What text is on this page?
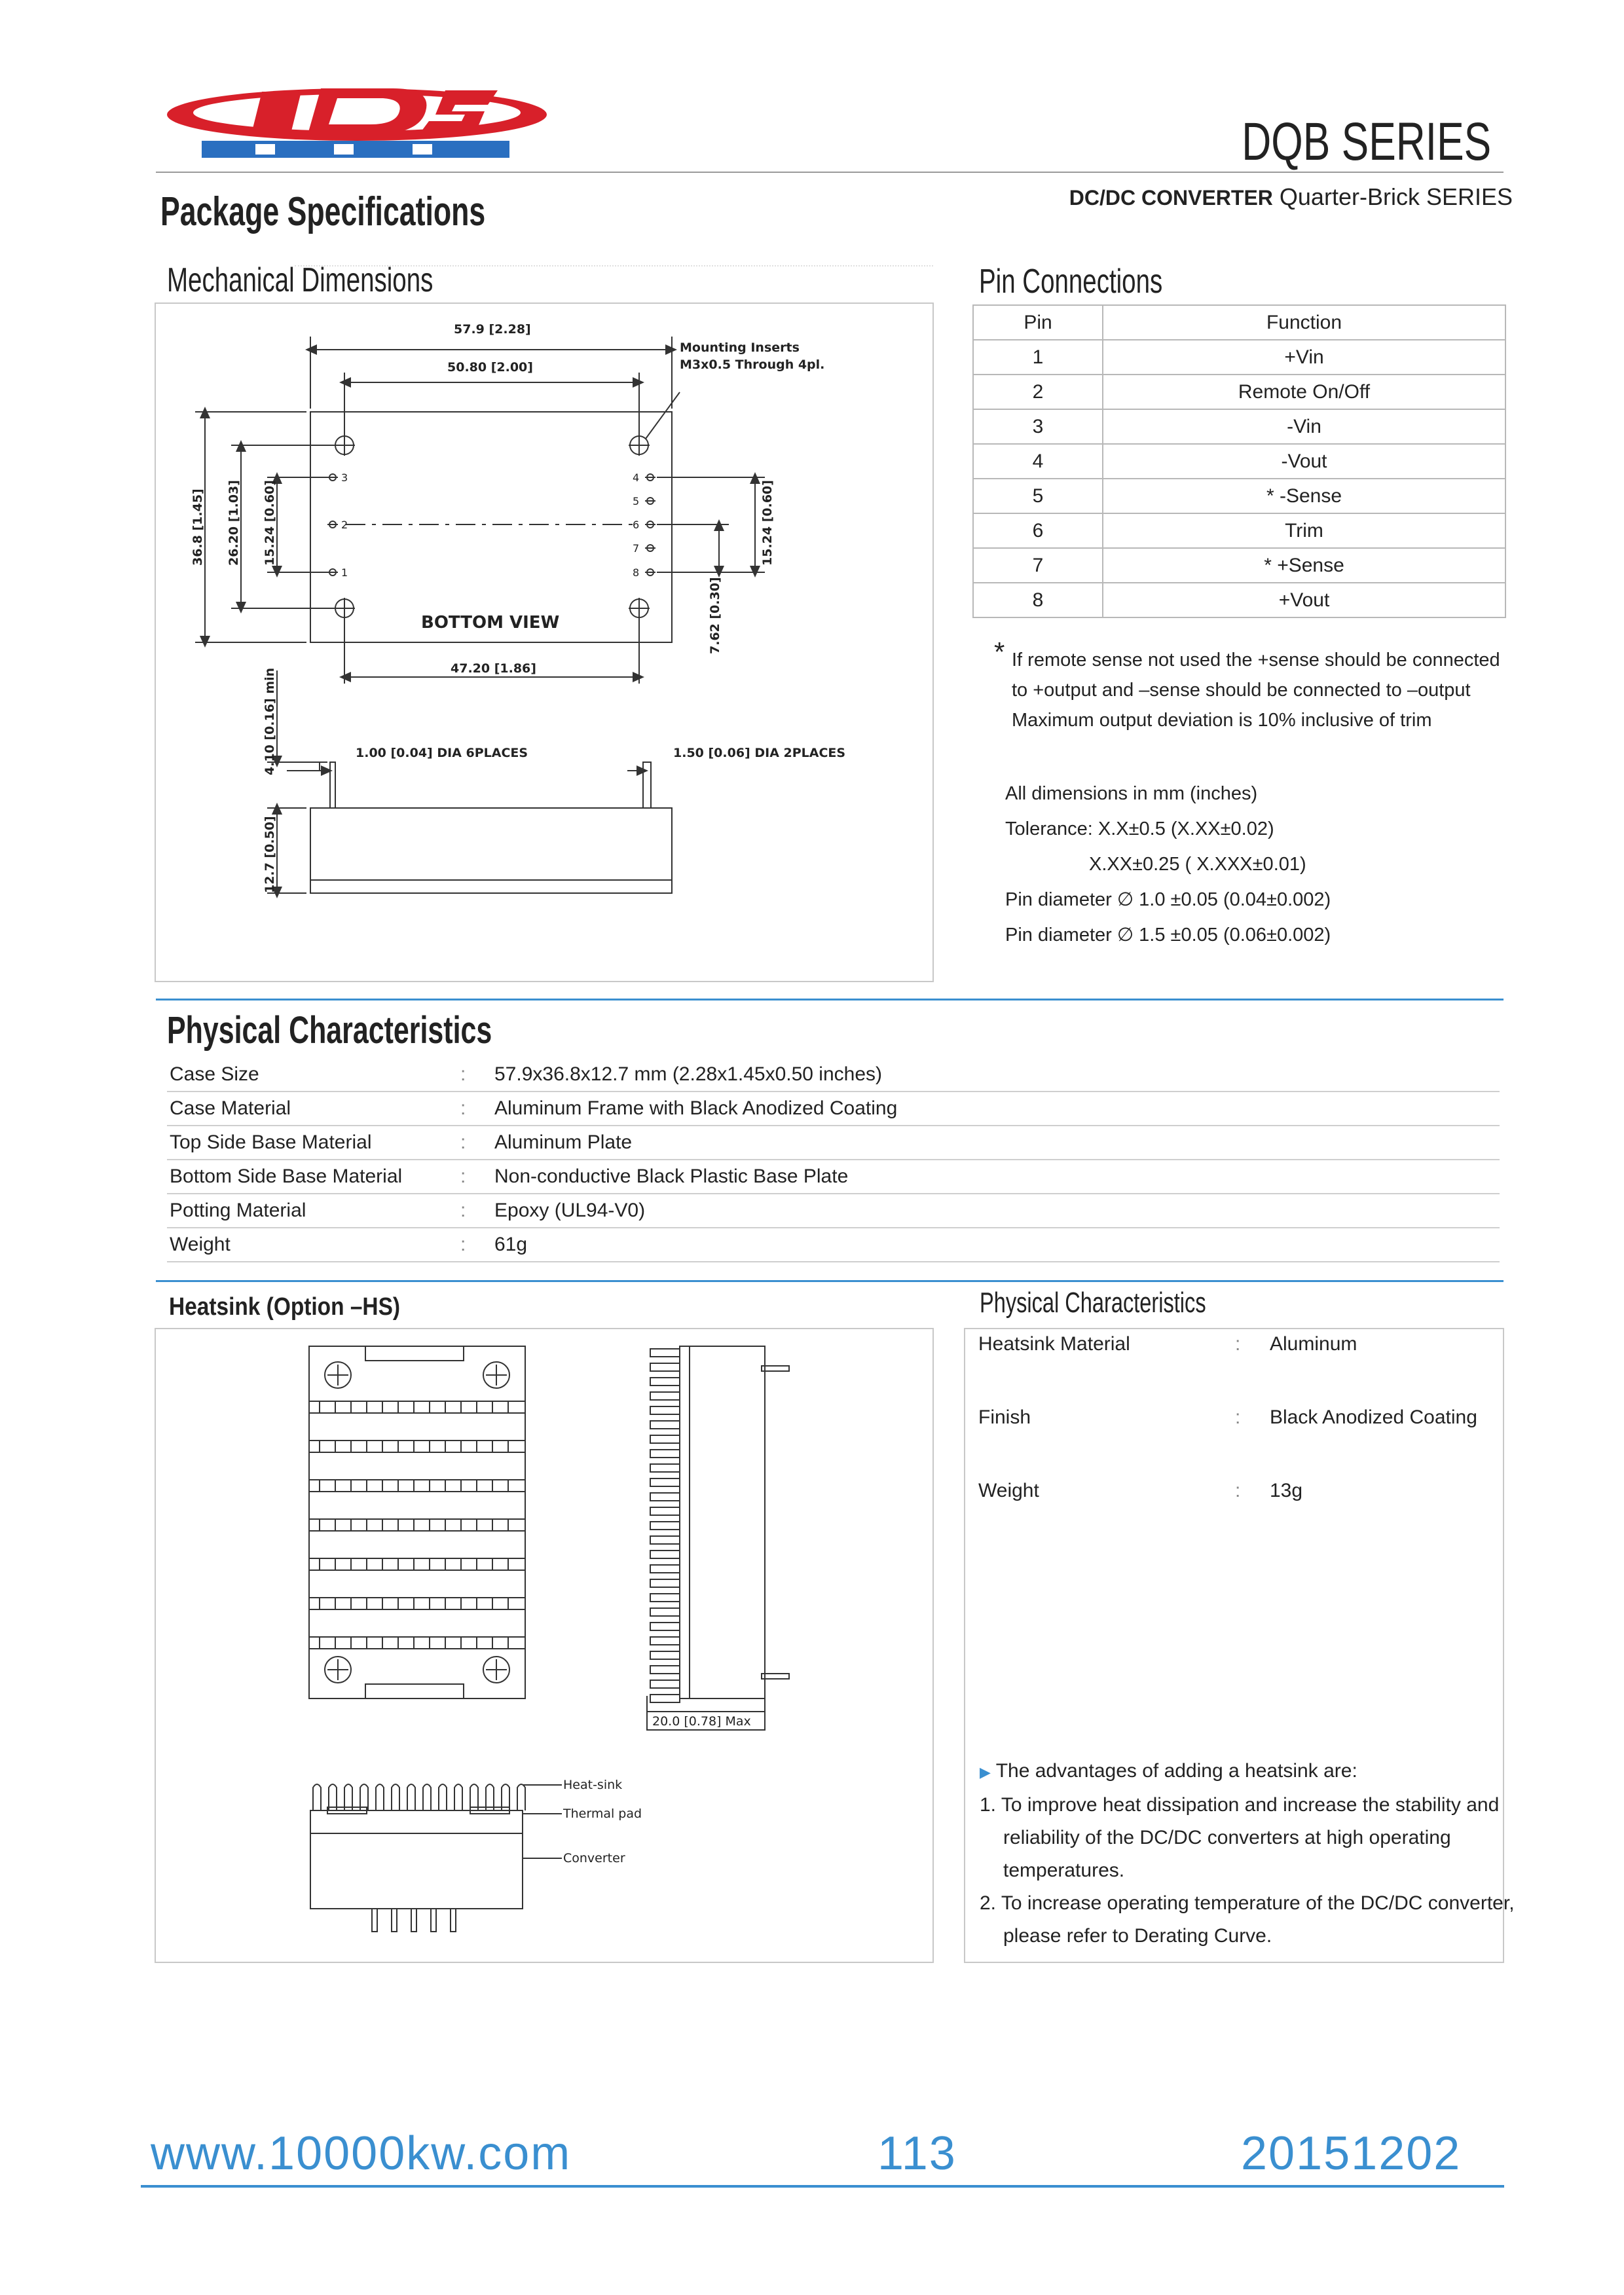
DQB SERIES
Package Specifications	DC/DC CONVERTER Quarter-Brick SERIES
Mechanical Dimensions
57.9 [2.28]
50.80 [2.00]
Mounting Inserts
M3x0.5 Through 4pl.
BOTTOM VIEW
47.20 [1.86]
1.00 [0.04] DIA 6PLACES	1.50 [0.06] DIA 2PLACES
36.8 [1.45] 26.20 [1.03] 15.24 [0.60]	15.24 [0.60]
7.62 [0.30]
4.10 [0.16] min
12.7 [0.50]
3
2
1
4
5
6
7
8
Pin Connections
Pin	Function
1	+Vin
2	Remote On/Off
3	-Vin
4	-Vout
5	* -Sense
6	Trim
7	* +Sense
8	+Vout
* If remote sense not used the +sense should be connected
to +output and –sense should be connected to –output
Maximum output deviation is 10% inclusive of trim
All dimensions in mm (inches)
Tolerance: X.X±0.5 (X.XX±0.02)
X.XX±0.25 ( X.XXX±0.01)
Pin diameter ∅ 1.0 ±0.05 (0.04±0.002)
Pin diameter ∅ 1.5 ±0.05 (0.06±0.002)
Physical Characteristics
Case Size	: 57.9x36.8x12.7 mm (2.28x1.45x0.50 inches)
Case Material	: Aluminum Frame with Black Anodized Coating
Top Side Base Material	: Aluminum Plate
Bottom Side Base Material	: Non-conductive Black Plastic Base Plate
Potting Material	: Epoxy (UL94-V0)
Weight	: 61g
Heatsink (Option –HS)
20.0 [0.78] Max
Heat-sink
Thermal pad
Converter
Physical Characteristics
Heatsink Material	: Aluminum
Finish	: Black Anodized Coating
Weight	: 13g
▶ The advantages of adding a heatsink are:
1. To improve heat dissipation and increase the stability and
reliability of the DC/DC converters at high operating
temperatures.
2. To increase operating temperature of the DC/DC converter,
please refer to Derating Curve.
www.10000kw.com	113	20151202
